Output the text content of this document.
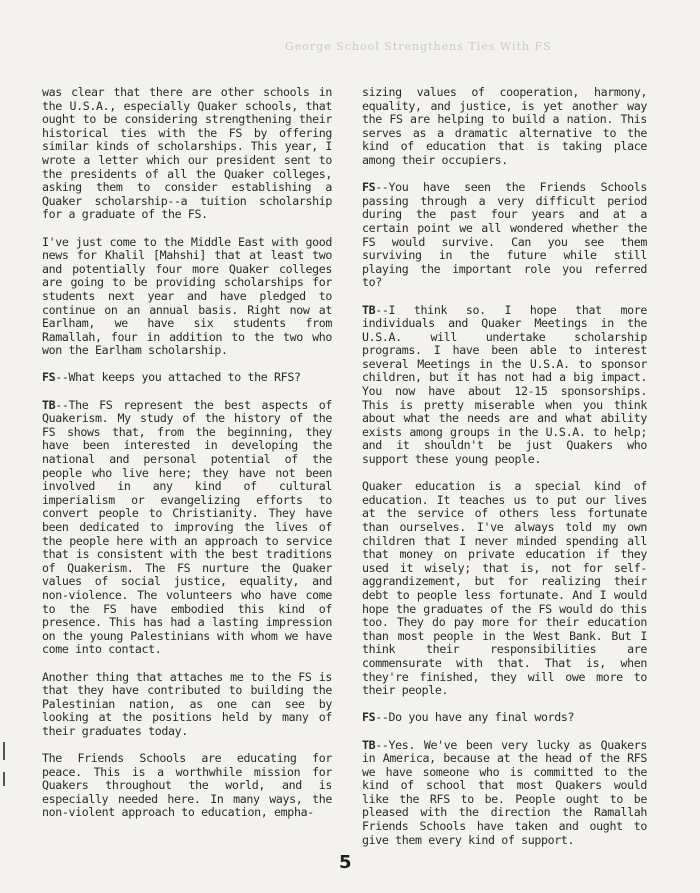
George School Strengthens Ties With FS

was clear that there are other schools in the U.S.A., especially Quaker schools, that ought to be considering strengthening their historical ties with the FS by offering similar kinds of scholarships. This year, I wrote a letter which our president sent to the presidents of all the Quaker colleges, asking them to consider establishing a Quaker scholarship--a tuition scholarship for a graduate of the FS.

I've just come to the Middle East with good news for Khalil [Mahshi] that at least two and potentially four more Quaker colleges are going to be providing scholarships for students next year and have pledged to continue on an annual basis. Right now at Earlham, we have six students from Ramallah, four in addition to the two who won the Earlham scholarship.

FS--What keeps you attached to the RFS?

TB--The FS represent the best aspects of Quakerism. My study of the history of the FS shows that, from the beginning, they have been interested in developing the national and personal potential of the people who live here; they have not been involved in any kind of cultural imperialism or evangelizing efforts to convert people to Christianity. They have been dedicated to improving the lives of the people here with an approach to service that is consistent with the best traditions of Quakerism. The FS nurture the Quaker values of social justice, equality, and non-violence. The volunteers who have come to the FS have embodied this kind of presence. This has had a lasting impression on the young Palestinians with whom we have come into contact.

Another thing that attaches me to the FS is that they have contributed to building the Palestinian nation, as one can see by looking at the positions held by many of their graduates today.

The Friends Schools are educating for peace. This is a worthwhile mission for Quakers throughout the world, and is especially needed here. In many ways, the non-violent approach to education, empha-

sizing values of cooperation, harmony, equality, and justice, is yet another way the FS are helping to build a nation. This serves as a dramatic alternative to the kind of education that is taking place among their occupiers.

FS--You have seen the Friends Schools passing through a very difficult period during the past four years and at a certain point we all wondered whether the FS would survive. Can you see them surviving in the future while still playing the important role you referred to?

TB--I think so. I hope that more individuals and Quaker Meetings in the U.S.A. will undertake scholarship programs. I have been able to interest several Meetings in the U.S.A. to sponsor children, but it has not had a big impact. You now have about 12-15 sponsorships. This is pretty miserable when you think about what the needs are and what ability exists among groups in the U.S.A. to help; and it shouldn't be just Quakers who support these young people.

Quaker education is a special kind of education. It teaches us to put our lives at the service of others less fortunate than ourselves. I've always told my own children that I never minded spending all that money on private education if they used it wisely; that is, not for self-aggrandizement, but for realizing their debt to people less fortunate. And I would hope the graduates of the FS would do this too. They do pay more for their education than most people in the West Bank. But I think their responsibilities are commensurate with that. That is, when they're finished, they will owe more to their people.

FS--Do you have any final words?

TB--Yes. We've been very lucky as Quakers in America, because at the head of the RFS we have someone who is committed to the kind of school that most Quakers would like the RFS to be. People ought to be pleased with the direction the Ramallah Friends Schools have taken and ought to give them every kind of support.

5
